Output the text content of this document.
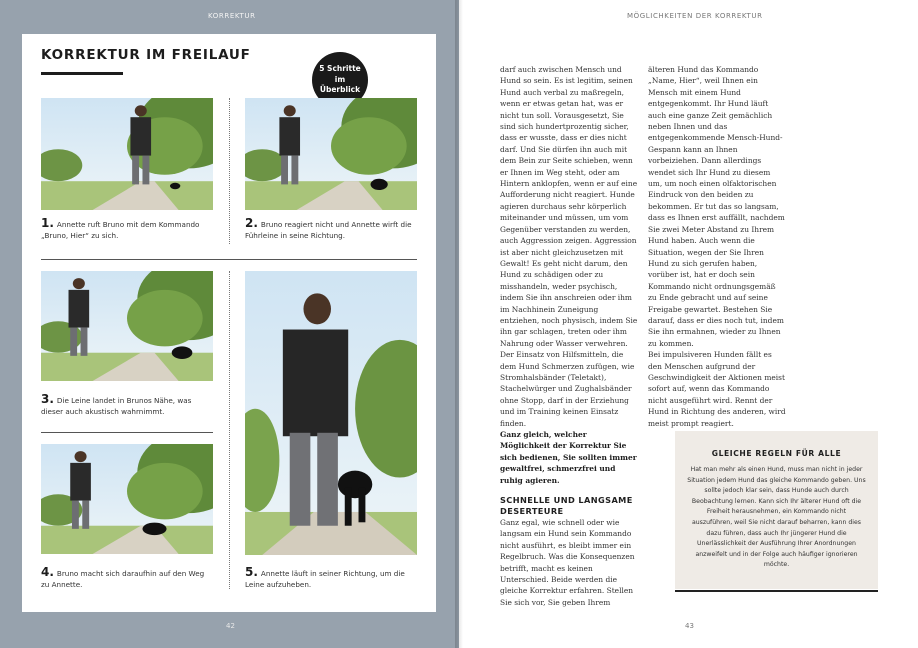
KORREKTUR
KORREKTUR IM FREILAUF
5 Schritte
im
Überblick
1. Annette ruft Bruno mit dem Kommando „Bruno, Hier“ zu sich.
2. Bruno reagiert nicht und Annette wirft die Führleine in seine Richtung.
3. Die Leine landet in Brunos Nähe, was dieser auch akustisch wahrnimmt.
4. Bruno macht sich daraufhin auf den Weg zu Annette.
5. Annette läuft in seiner Richtung, um die Leine aufzuheben.
42
MÖGLICHKEITEN DER KORREKTUR

darf auch zwischen Mensch und Hund so sein. Es ist legitim, seinen Hund auch verbal zu maßregeln, wenn er etwas getan hat, was er nicht tun soll. Vorausgesetzt, Sie sind sich hundertprozentig sicher, dass er wusste, dass er dies nicht darf. Und Sie dürfen ihn auch mit dem Bein zur Seite schieben, wenn er Ihnen im Weg steht, oder am Hintern anklopfen, wenn er auf eine Aufforderung nicht reagiert. Hunde agieren durchaus sehr körperlich miteinander und müssen, um vom Gegenüber verstanden zu werden, auch Aggression zeigen. Aggression ist aber nicht gleichzusetzen mit Gewalt! Es geht nicht darum, den Hund zu schädigen oder zu misshandeln, weder psychisch, indem Sie ihn anschreien oder ihm im Nachhinein Zuneigung entziehen, noch physisch, indem Sie ihn gar schlagen, treten oder ihm Nahrung oder Wasser verwehren. Der Einsatz von Hilfsmitteln, die dem Hund Schmerzen zufügen, wie Stromhalsbänder (Teletakt), Stachelwürger und Zughalsbänder ohne Stopp, darf in der Erziehung und im Training keinen Einsatz finden.

Ganz gleich, welcher Möglichkeit der Korrektur Sie sich bedienen, Sie sollten immer gewaltfrei, schmerzfrei und ruhig agieren.

SCHNELLE UND LANGSAME DESERTEURE

Ganz egal, wie schnell oder wie langsam ein Hund sein Kommando nicht ausführt, es bleibt immer ein Regelbruch. Was die Konsequenzen betrifft, macht es keinen Unterschied. Beide werden die gleiche Korrektur erfahren. Stellen Sie sich vor, Sie geben Ihrem

älteren Hund das Kommando „Name, Hier“, weil Ihnen ein Mensch mit einem Hund entgegenkommt. Ihr Hund läuft auch eine ganze Zeit gemächlich neben Ihnen und das entgegenkommende Mensch-Hund-Gespann kann an Ihnen vorbeiziehen. Dann allerdings wendet sich Ihr Hund zu diesem um, um noch einen olfaktorischen Eindruck von den beiden zu bekommen. Er tut das so langsam, dass es Ihnen erst auffällt, nachdem Sie zwei Meter Abstand zu Ihrem Hund haben. Auch wenn die Situation, wegen der Sie Ihren Hund zu sich gerufen haben, vorüber ist, hat er doch sein Kommando nicht ordnungsgemäß zu Ende gebracht und auf seine Freigabe gewartet. Bestehen Sie darauf, dass er dies noch tut, indem Sie ihn ermahnen, wieder zu Ihnen zu kommen.

Bei impulsiveren Hunden fällt es den Menschen aufgrund der Geschwindigkeit der Aktionen meist sofort auf, wenn das Kommando nicht ausgeführt wird. Rennt der Hund in Richtung des anderen, wird meist prompt reagiert.

GLEICHE REGELN FÜR ALLE
Hat man mehr als einen Hund, muss man nicht in jeder Situation jedem Hund das gleiche Kommando geben. Uns sollte jedoch klar sein, dass Hunde auch durch Beobachtung lernen. Kann sich Ihr älterer Hund oft die Freiheit herausnehmen, ein Kommando nicht auszuführen, weil Sie nicht darauf beharren, kann dies dazu führen, dass auch Ihr jüngerer Hund die Unerlässlichkeit der Ausführung Ihrer Anordnungen anzweifelt und in der Folge auch häufiger ignorieren möchte.
43
